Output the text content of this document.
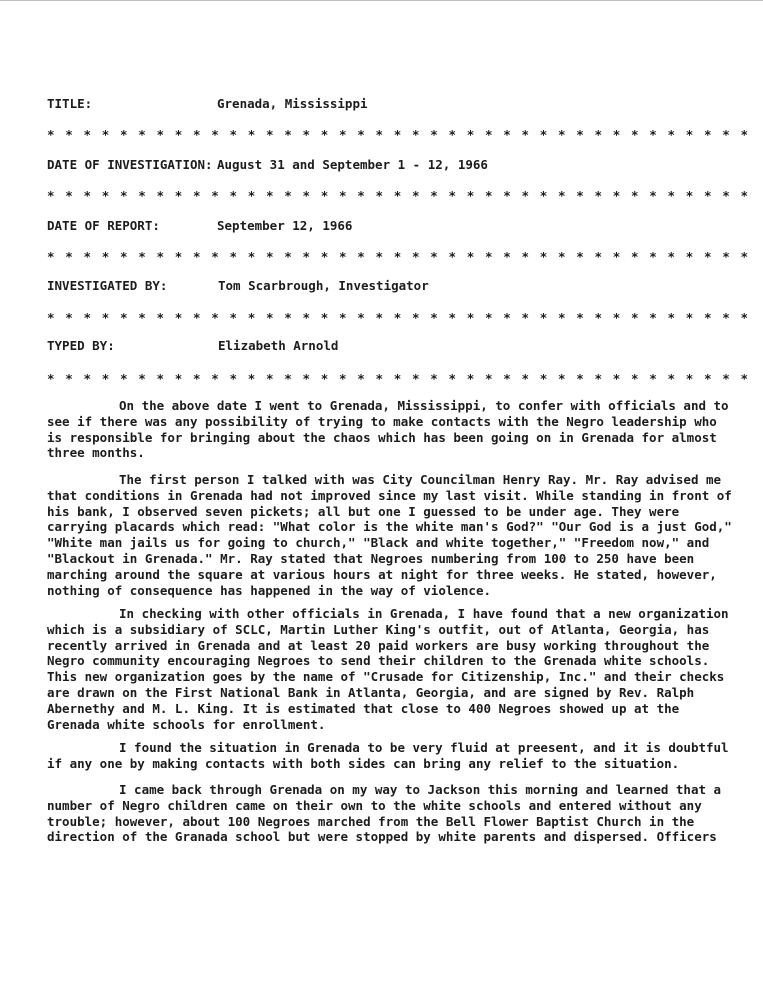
TITLE:

	Grenada, Mississippi

* * * * * * * * * * * * * * * * * * * * * * * * * * * * * * * * * * * * * * *

DATE OF INVESTIGATION:

August 31 and September 1 - 12, 1966

* * * * * * * * * * * * * * * * * * * * * * * * * * * * * * * * * * * * * * *

DATE OF REPORT:

	September 12, 1966

* * * * * * * * * * * * * * * * * * * * * * * * * * * * * * * * * * * * * * *

INVESTIGATED BY:

	Tom Scarbrough, Investigator

* * * * * * * * * * * * * * * * * * * * * * * * * * * * * * * * * * * * * * *

TYPED BY:

	Elizabeth Arnold

* * * * * * * * * * * * * * * * * * * * * * * * * * * * * * * * * * * * * * *

On the above date I went to Grenada, Mississippi, to confer with officials and to see if there was any possibility of trying to make contacts with the Negro leadership who is responsible for bringing about the chaos which has been going on in Grenada for almost three months.

The first person I talked with was City Councilman Henry Ray. Mr. Ray advised me that conditions in Grenada had not improved since my last visit. While standing in front of his bank, I observed seven pickets; all but one I guessed to be under age. They were carrying placards which read: "What color is the white man's God?" "Our God is a just God," "White man jails us for going to church," "Black and white together," "Freedom now," and "Blackout in Grenada." Mr. Ray stated that Negroes numbering from 100 to 250 have been marching around the square at various hours at night for three weeks. He stated, however, nothing of consequence has happened in the way of violence.

In checking with other officials in Grenada, I have found that a new organization which is a subsidiary of SCLC, Martin Luther King's outfit, out of Atlanta, Georgia, has recently arrived in Grenada and at least 20 paid workers are busy working throughout the Negro community encouraging Negroes to send their children to the Grenada white schools. This new organization goes by the name of "Crusade for Citizenship, Inc." and their checks are drawn on the First National Bank in Atlanta, Georgia, and are signed by Rev. Ralph Abernethy and M. L. King. It is estimated that close to 400 Negroes showed up at the Grenada white schools for enrollment.

I found the situation in Grenada to be very fluid at preesent, and it is doubtful if any one by making contacts with both sides can bring any relief to the situation.

I came back through Grenada on my way to Jackson this morning and learned that a number of Negro children came on their own to the white schools and entered without any trouble; however, about 100 Negroes marched from the Bell Flower Baptist Church in the direction of the Granada school but were stopped by white parents and dispersed. Officers
